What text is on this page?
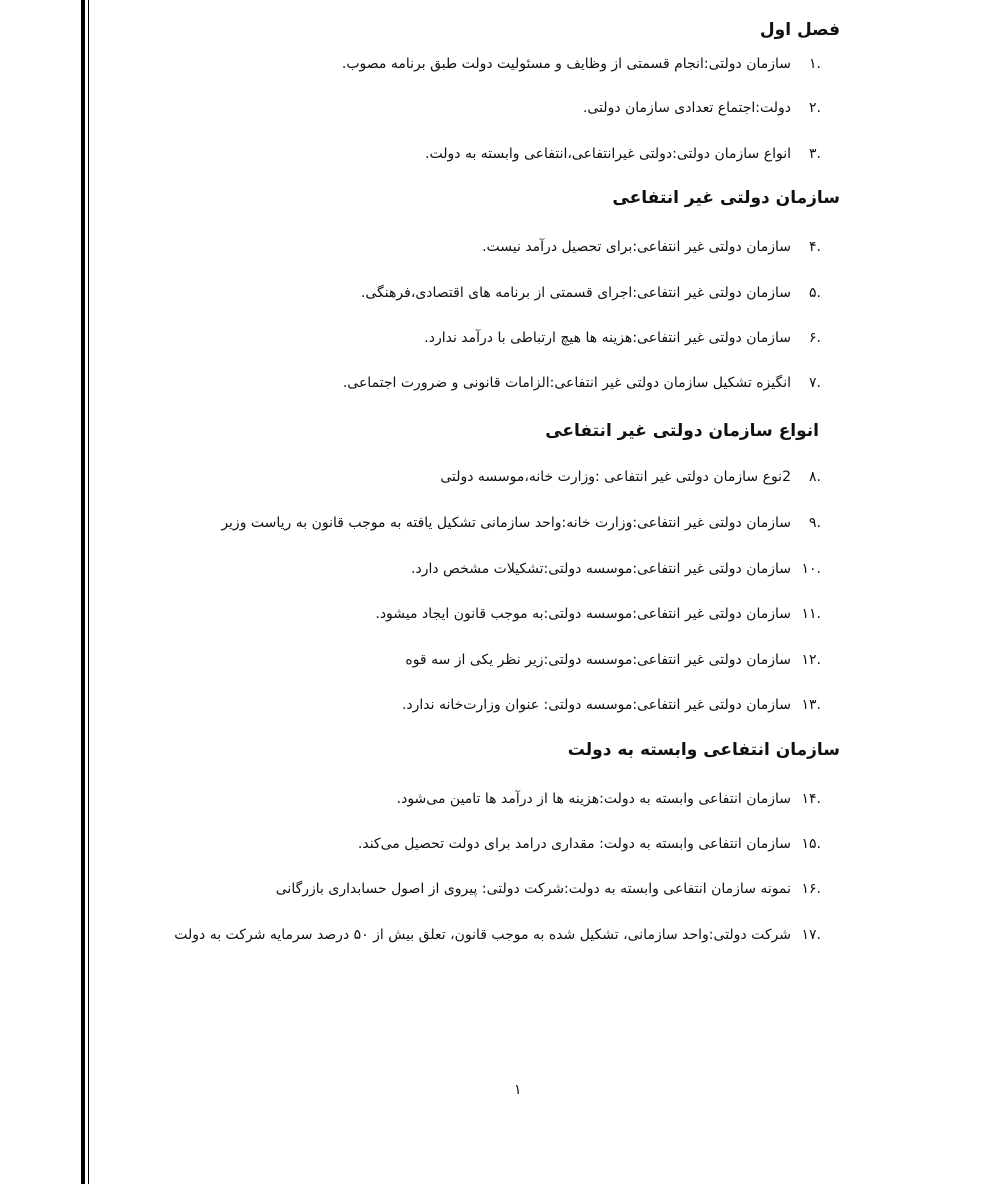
فصل اول
.۱
سازمان دولتی:انجام قسمتی از وظایف و مسئولیت دولت طبق برنامه مصوب.
.۲
دولت:اجتماع تعدادی سازمان دولتی.
.۳
انواع سازمان دولتی:دولتی غیرانتفاعی،انتفاعی وابسته به دولت.
سازمان دولتی غیر انتفاعی
.۴
سازمان دولتی غیر انتفاعی:برای تحصیل درآمد نیست.
.۵
سازمان دولتی غیر انتفاعی:اجرای قسمتی از برنامه های اقتصادی،فرهنگی.
.۶
سازمان دولتی غیر انتفاعی:هزینه ها هیچ ارتباطی با درآمد ندارد.
.۷
انگیزه تشکیل سازمان دولتی غیر انتفاعی:الزامات قانونی و ضرورت اجتماعی.
انواع سازمان دولتی غیر انتفاعی
.۸
2نوع سازمان دولتی غیر انتفاعی :وزارت خانه،موسسه دولتی
.۹
سازمان دولتی غیر انتفاعی:وزارت خانه:واحد سازمانی تشکیل یافته به موجب قانون به ریاست وزیر
.۱۰
سازمان دولتی غیر انتفاعی:موسسه دولتی:تشکیلات مشخص دارد.
.۱۱
سازمان دولتی غیر انتفاعی:موسسه دولتی:به موجب قانون ایجاد میشود.
.۱۲
سازمان دولتی غیر انتفاعی:موسسه دولتی:زیر نظر یکی از سه قوه
.۱۳
سازمان دولتی غیر انتفاعی:موسسه دولتی: عنوان وزارت‌خانه ندارد.
سازمان انتفاعی وابسته به دولت
.۱۴
سازمان انتفاعی وابسته به دولت:هزینه ها از درآمد ها تامین می‌شود.
.۱۵
سازمان انتفاعی وابسته به دولت: مقداری درامد برای دولت تحصیل می‌کند.
.۱۶
نمونه سازمان انتفاعی وابسته به دولت:شرکت دولتی: پیروی از اصول حسابداری بازرگانی
.۱۷
شرکت دولتی:واحد سازمانی، تشکیل شده به موجب قانون، تعلق بیش از ۵۰ درصد سرمایه شرکت به دولت
۱
